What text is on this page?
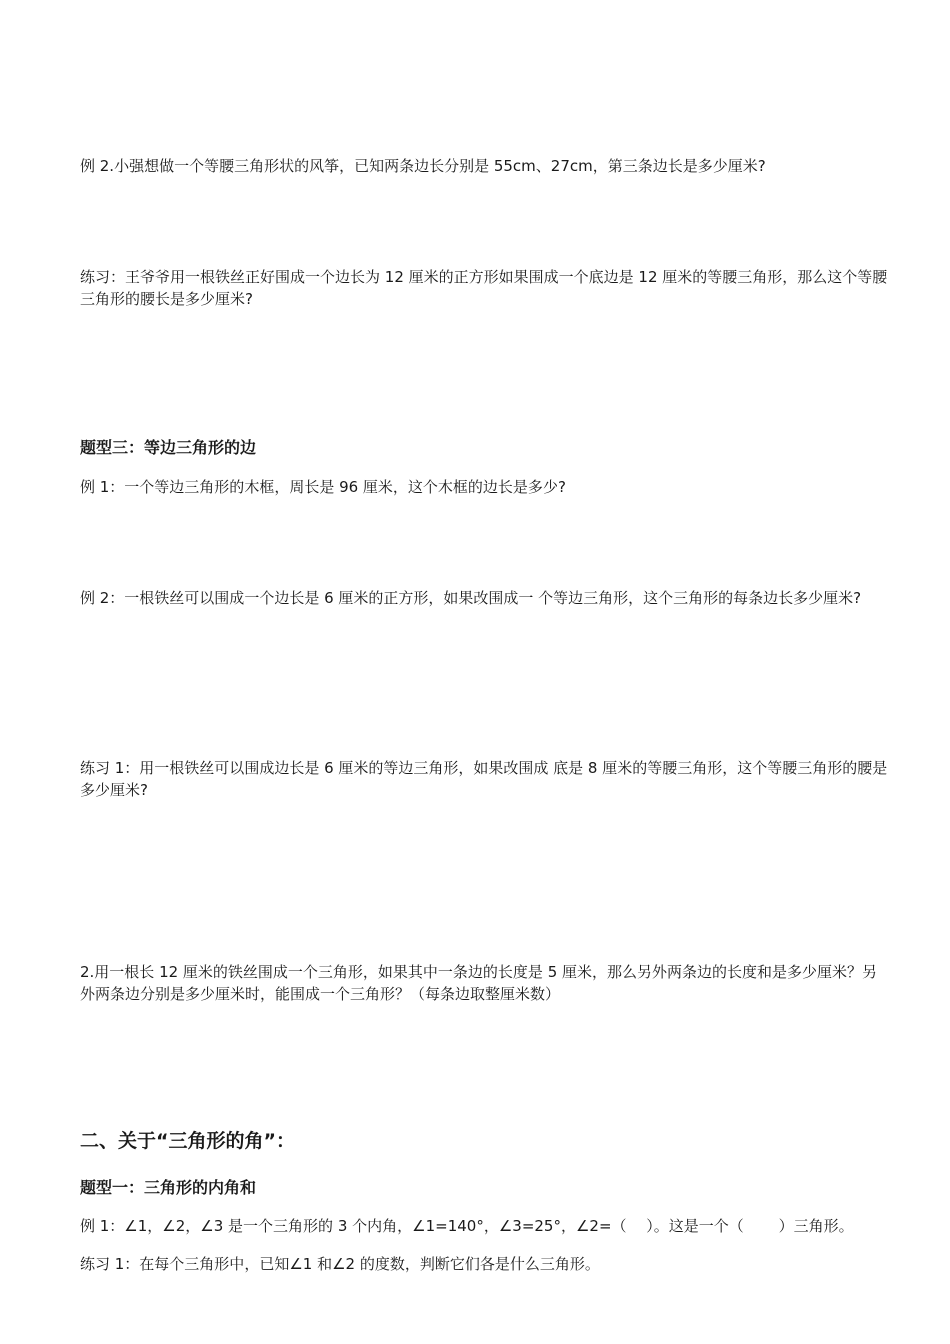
例 2.小强想做一个等腰三角形状的风筝，已知两条边长分别是 55cm、27cm，第三条边长是多少厘米?

练习：王爷爷用一根铁丝正好围成一个边长为 12 厘米的正方形如果围成一个底边是 12 厘米的等腰三角形，那么这个等腰三角形的腰长是多少厘米?

题型三：等边三角形的边

例 1：一个等边三角形的木框，周长是 96 厘米，这个木框的边长是多少?

例 2：一根铁丝可以围成一个边长是 6 厘米的正方形，如果改围成一 个等边三角形，这个三角形的每条边长多少厘米?

练习 1：用一根铁丝可以围成边长是 6 厘米的等边三角形，如果改围成 底是 8 厘米的等腰三角形，这个等腰三角形的腰是多少厘米?

2.用一根长 12 厘米的铁丝围成一个三角形，如果其中一条边的长度是 5 厘米，那么另外两条边的长度和是多少厘米？另外两条边分别是多少厘米时，能围成一个三角形？（每条边取整厘米数）

二、关于“三角形的角”：

题型一：三角形的内角和

例 1：∠1，∠2，∠3 是一个三角形的 3 个内角，∠1=140°，∠3=25°，∠2=（　 ）。这是一个（　　 ）三角形。

练习 1：在每个三角形中，已知∠1 和∠2 的度数，判断它们各是什么三角形。
